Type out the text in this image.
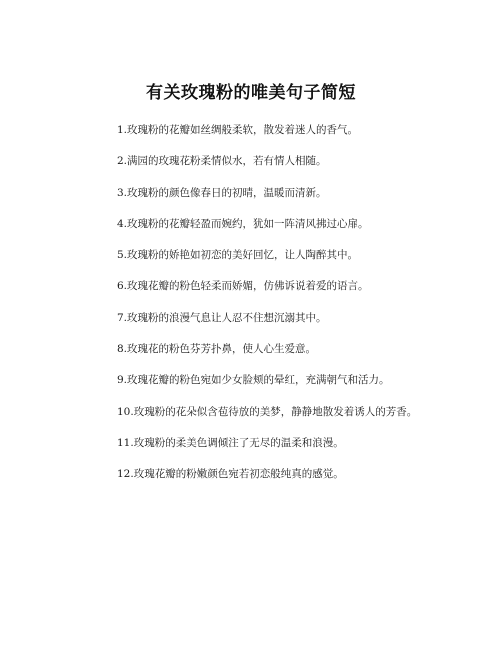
有关玫瑰粉的唯美句子简短
1.玫瑰粉的花瓣如丝绸般柔软，散发着迷人的香气。
2.满园的玫瑰花粉柔情似水，若有情人相随。
3.玫瑰粉的颜色像春日的初晴，温暖而清新。
4.玫瑰粉的花瓣轻盈而婉约，犹如一阵清风拂过心扉。
5.玫瑰粉的娇艳如初恋的美好回忆，让人陶醉其中。
6.玫瑰花瓣的粉色轻柔而娇媚，仿佛诉说着爱的语言。
7.玫瑰粉的浪漫气息让人忍不住想沉溺其中。
8.玫瑰花的粉色芬芳扑鼻，使人心生爱意。
9.玫瑰花瓣的粉色宛如少女脸颊的晕红，充满朝气和活力。
10.玫瑰粉的花朵似含苞待放的美梦，静静地散发着诱人的芳香。
11.玫瑰粉的柔美色调倾注了无尽的温柔和浪漫。
12.玫瑰花瓣的粉嫩颜色宛若初恋般纯真的感觉。
